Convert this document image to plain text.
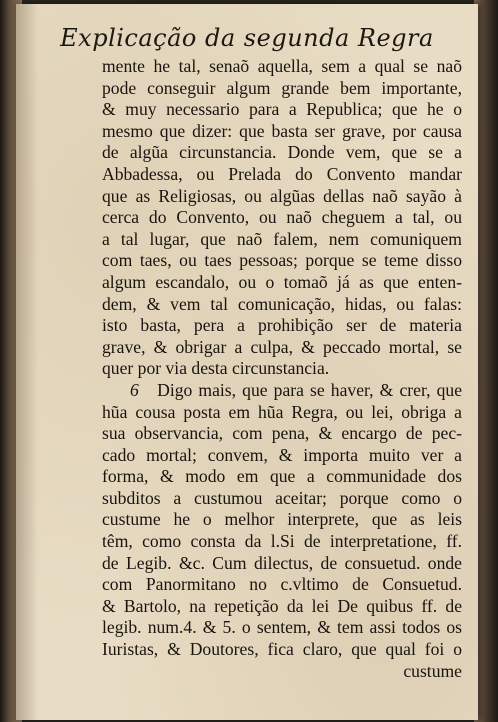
Explicação da segunda Regra
mente he tal, senaõ aquella, sem a qual se naõ
pode conseguir algum grande bem importante,
& muy necessario para a Republica; que he o
mesmo que dizer: que basta ser grave, por causa
de algũa circunstancia. Donde vem, que se a
Abbadessa, ou Prelada do Convento mandar
que as Religiosas, ou algũas dellas naõ sayão à
cerca do Convento, ou naõ cheguem a tal, ou
a tal lugar, que naõ falem, nem comuniquem
com taes, ou taes pessoas; porque se teme disso
algum escandalo, ou o tomaõ já as que enten-
dem, & vem tal comunicação, hidas, ou falas:
isto basta, pera a prohibição ser de materia
grave, & obrigar a culpa, & peccado mortal, se
quer por via desta circunstancia.
6 Digo mais, que para se haver, & crer, que
hũa cousa posta em hũa Regra, ou lei, obriga a
sua observancia, com pena, & encargo de pec-
cado mortal; convem, & importa muito ver a
forma, & modo em que a communidade dos
subditos a custumou aceitar; porque como o
custume he o melhor interprete, que as leis
têm, como consta da l.Si de interpretatione, ff.
de Legib. &c. Cum dilectus, de consuetud. onde
com Panormitano no c.vltimo de Consuetud.
& Bartolo, na repetição da lei De quibus ff. de
legib. num.4. & 5. o sentem, & tem assi todos os
Iuristas, & Doutores, fica claro, que qual foi o
custume
